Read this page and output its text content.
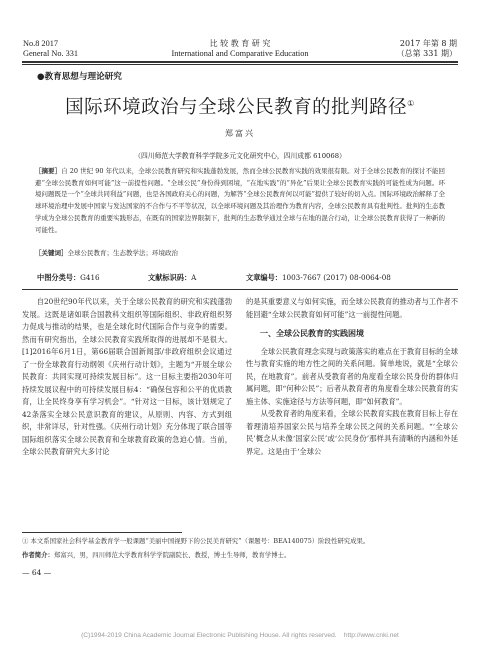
No.8 2017
General No. 331
比 较 教 育 研 究
International and Comparative Education
2017 年第 8 期
（总第 331 期）
●教育思想与理论研究
国际环境政治与全球公民教育的批判路径①
郑富兴
（四川师范大学教育科学学院多元文化研究中心，四川成都 610068）
［摘要］自 20 世纪 90 年代以来，全球公民教育研究和实践蓬勃发展，然而全球公民教育实践的效果很有限。对于全球公民教育的探讨不能回避“全球公民教育如何可能”这一前提性问题。“全球公民”身份得到困境，“在地实践”的“异化”后果让全球公民教育实践的可能性成为问题。环境问题既是一个“全球共同利益”问题，也是各国政府关心的问题，为解答“全球公民教育何以可能”提供了较好的切入点。国际环境政治解释了全球环境治理中发展中国家与发达国家的不合作与不平等状况，以全球环境问题及其治理作为教育内容，全球公民教育具有批判性。批判的生态教学成为全球公民教育的重要实践形态，在既有的国家边界限制下，批判的生态教学通过全球与在地的混合行动，让全球公民教育获得了一种新的可能性。
［关键词］全球公民教育；生态教学法；环境政治
中图分类号：G416	文献标识码：A	文章编号：1003-7667 (2017) 08-0064-08

自20世纪90年代以来，关于全球公民教育的研究和实践蓬勃发展。这既是诸如联合国教科文组织等国际组织、非政府组织努力促成与推动的结果，也是全球化时代国际合作与竞争的需要。然而有研究指出，全球公民教育实践所取得的进展却不是很大。[1]2016年6月1日，第66届联合国新闻部/非政府组织会议通过了一份全球教育行动纲领《庆州行动计划》，主题为“开展全球公民教育：共同实现可持续发展目标”。这一目标主要指2030年可持续发展议程中的可持续发展目标4：“确保包容和公平的优质教育，让全民终身享有学习机会”。“针对这一目标，该计划规定了42条落实全球公民意识教育的建议，从原则、内容、方式到组织，非常详尽，针对性强。《庆州行动计划》充分体现了联合国等国际组织落实全球公民教育和全球教育政策的急迫心情。当前，全球公民教育研究大多讨论

的是其重要意义与如何实施，而全球公民教育的推动者与工作者不能回避“全球公民教育如何可能”这一前提性问题。

一、全球公民教育的实践困境

全球公民教育理念实现与政策落实的难点在于教育目标的全球性与教育实施的地方性之间的关系问题。简单地说，就是“全球公民，在地教育”。前者从受教育者的角度看全球公民身份的群体归属问题，即“何种公民”；后者从教育者的角度看全球公民教育的实施主体、实施途径与方法等问题，即“如何教育”。

从受教育者的角度来看，全球公民教育实践在教育目标上存在着理清培养国家公民与培养全球公民之间的关系问题。“‘全球公民’概念从未像‘国家公民’或‘公民身份’那样具有清晰的内涵和外延界定。这是由于‘全球公

① 本文系国家社会科学基金教育学一般课题“美丽中国视野下的公民美育研究”（课题号：BEA140075）阶段性研究成果。
作者简介：郑富兴，男，四川师范大学教育科学学院副院长、教授，博士生导师，教育学博士。
— 64 —
(C)1994-2019 China Academic Journal Electronic Publishing House. All rights reserved.    http://www.cnki.net
